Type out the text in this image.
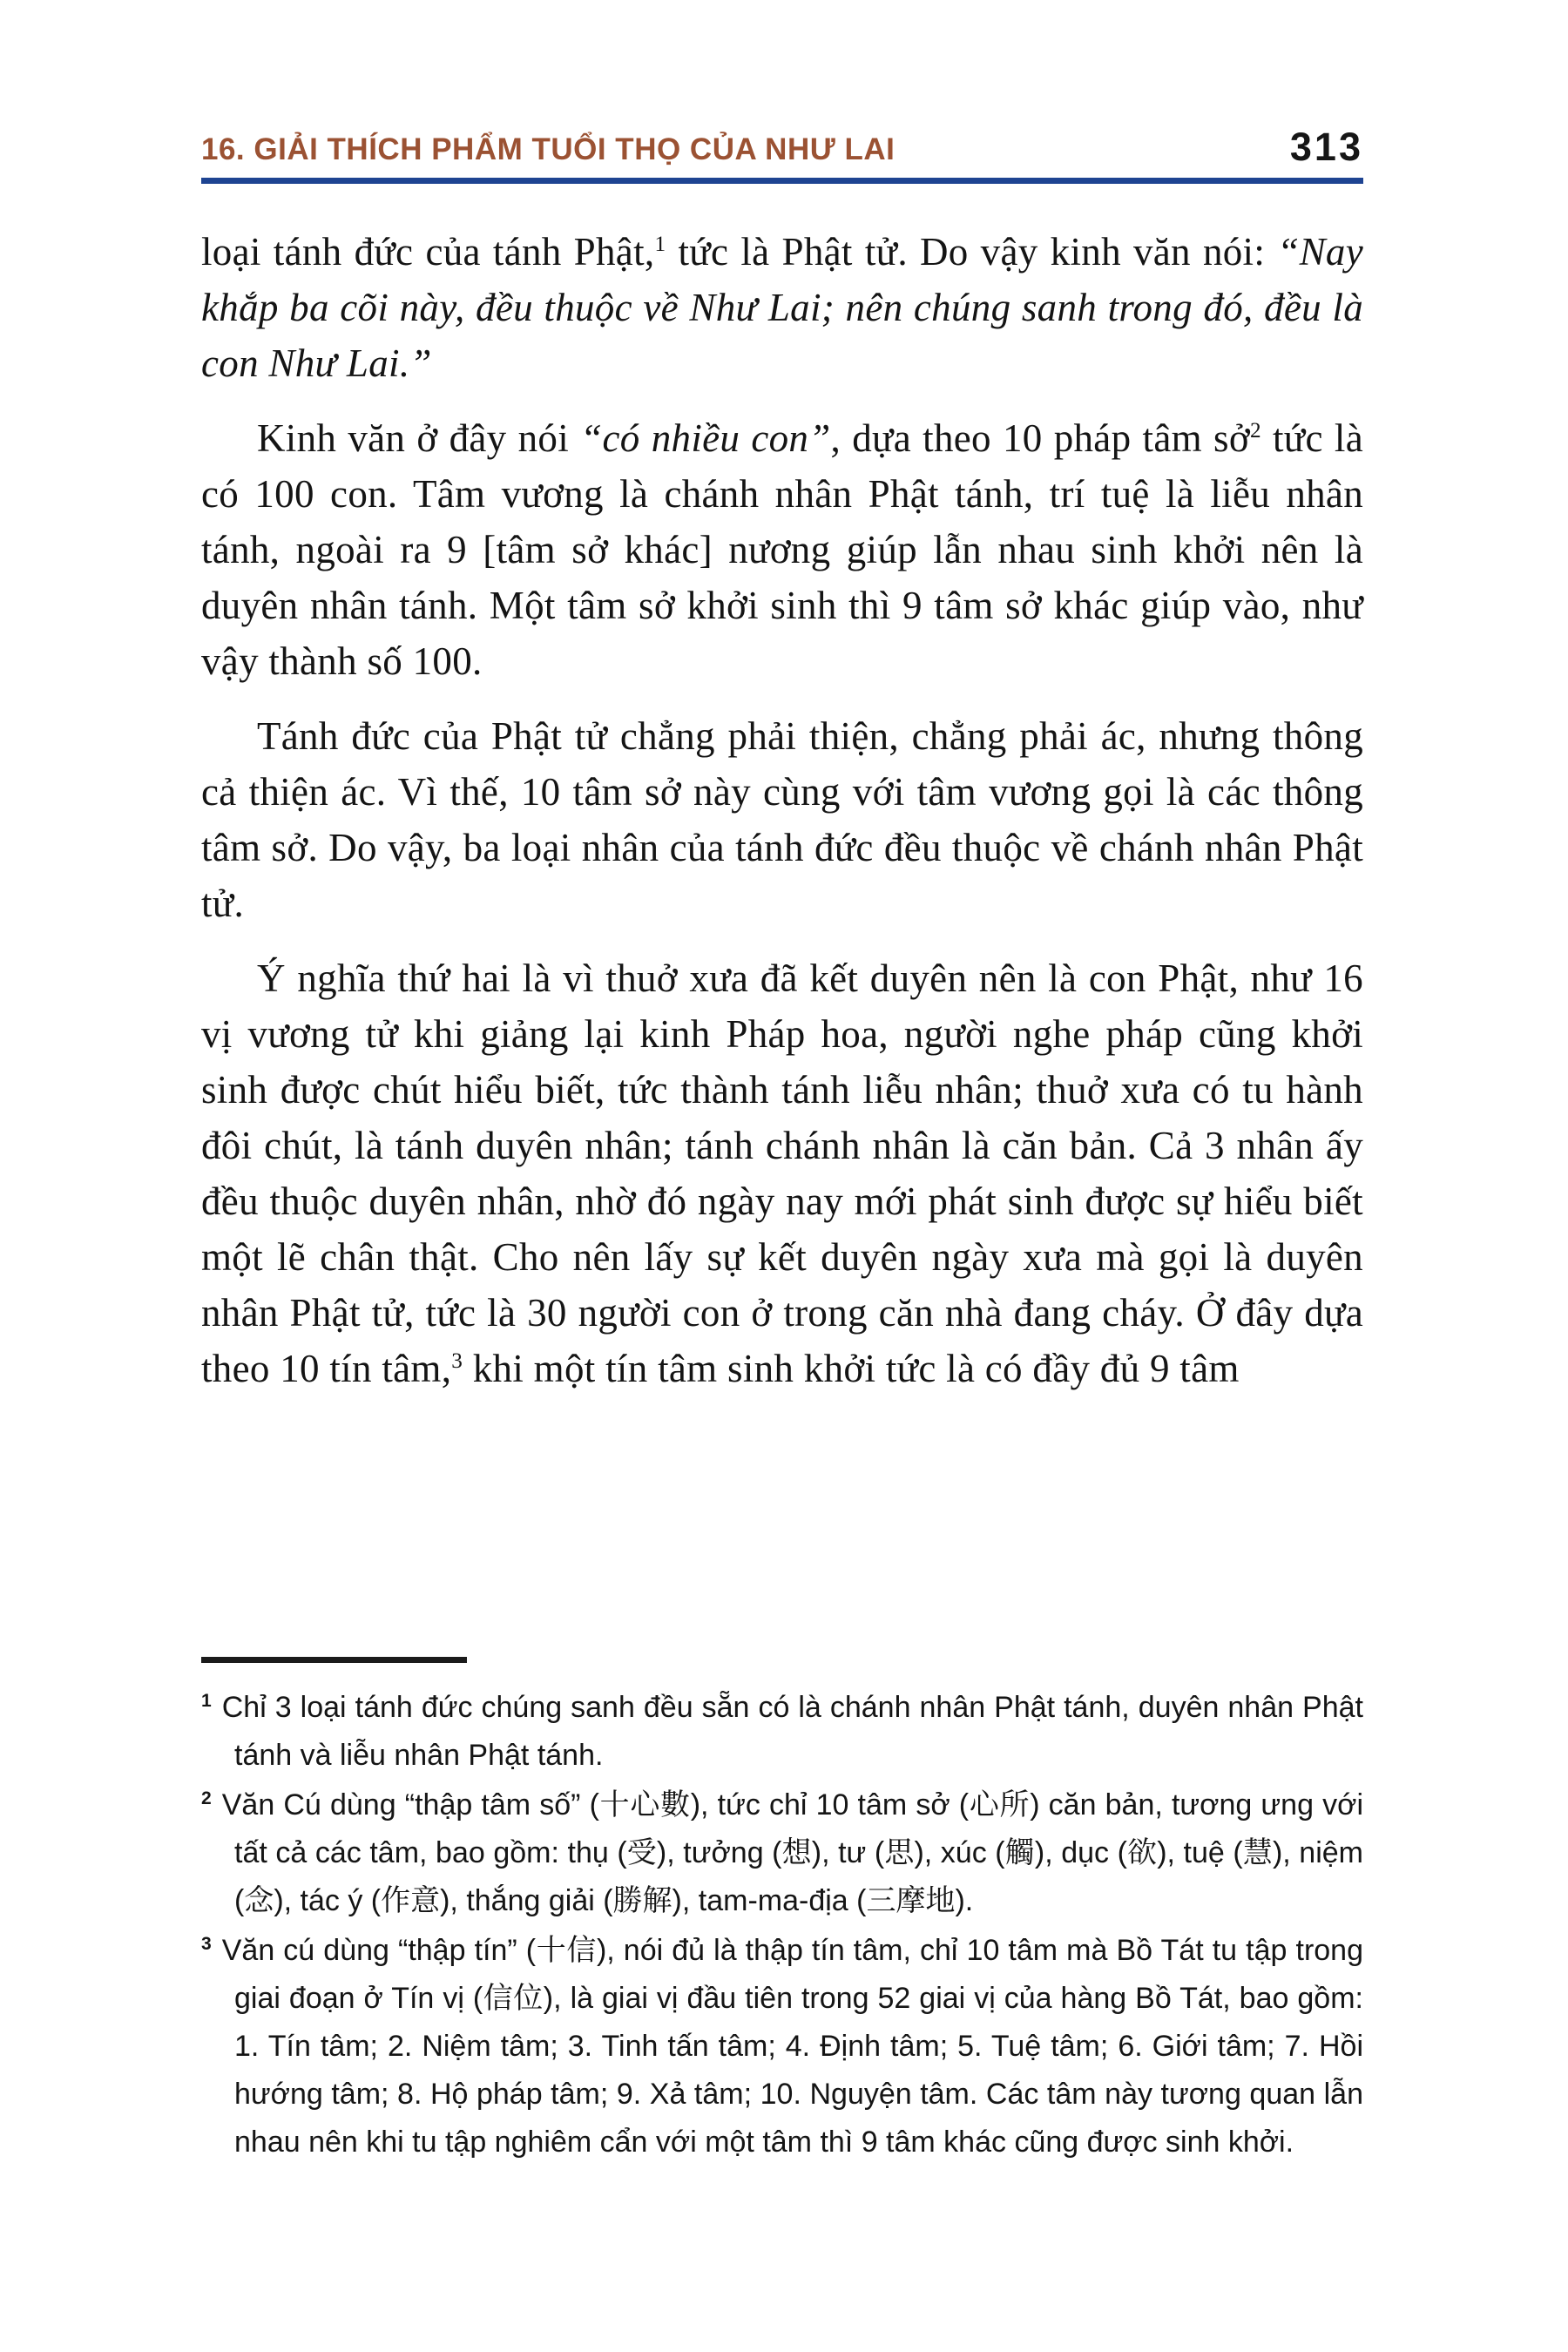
16. GIẢI THÍCH PHẨM TUỔI THỌ CỦA NHƯ LAI	313

loại tánh đức của tánh Phật,$^1$ tức là Phật tử. Do vậy kinh văn nói: “Nay khắp ba cõi này, đều thuộc về Như Lai; nên chúng sanh trong đó, đều là con Như Lai.”

Kinh văn ở đây nói “có nhiều con”, dựa theo 10 pháp tâm sở$^2$ tức là có 100 con. Tâm vương là chánh nhân Phật tánh, trí tuệ là liễu nhân tánh, ngoài ra 9 [tâm sở khác] nương giúp lẫn nhau sinh khởi nên là duyên nhân tánh. Một tâm sở khởi sinh thì 9 tâm sở khác giúp vào, như vậy thành số 100.

Tánh đức của Phật tử chẳng phải thiện, chẳng phải ác, nhưng thông cả thiện ác. Vì thế, 10 tâm sở này cùng với tâm vương gọi là các thông tâm sở. Do vậy, ba loại nhân của tánh đức đều thuộc về chánh nhân Phật tử.

Ý nghĩa thứ hai là vì thuở xưa đã kết duyên nên là con Phật, như 16 vị vương tử khi giảng lại kinh Pháp hoa, người nghe pháp cũng khởi sinh được chút hiểu biết, tức thành tánh liễu nhân; thuở xưa có tu hành đôi chút, là tánh duyên nhân; tánh chánh nhân là căn bản. Cả 3 nhân ấy đều thuộc duyên nhân, nhờ đó ngày nay mới phát sinh được sự hiểu biết một lẽ chân thật. Cho nên lấy sự kết duyên ngày xưa mà gọi là duyên nhân Phật tử, tức là 30 người con ở trong căn nhà đang cháy. Ở đây dựa theo 10 tín tâm,$^3$ khi một tín tâm sinh khởi tức là có đầy đủ 9 tâm

$^1$ Chỉ 3 loại tánh đức chúng sanh đều sẵn có là chánh nhân Phật tánh, duyên nhân Phật tánh và liễu nhân Phật tánh.
$^2$ Văn Cú dùng “thập tâm số” (十心數), tức chỉ 10 tâm sở (心所) căn bản, tương ưng với tất cả các tâm, bao gồm: thụ (受), tưởng (想), tư (思), xúc (觸), dục (欲), tuệ (慧), niệm (念), tác ý (作意), thắng giải (勝解), tam-ma-địa (三摩地).
$^3$ Văn cú dùng “thập tín” (十信), nói đủ là thập tín tâm, chỉ 10 tâm mà Bồ Tát tu tập trong giai đoạn ở Tín vị (信位), là giai vị đầu tiên trong 52 giai vị của hàng Bồ Tát, bao gồm: 1. Tín tâm; 2. Niệm tâm; 3. Tinh tấn tâm; 4. Định tâm; 5. Tuệ tâm; 6. Giới tâm; 7. Hồi hướng tâm; 8. Hộ pháp tâm; 9. Xả tâm; 10. Nguyện tâm. Các tâm này tương quan lẫn nhau nên khi tu tập nghiêm cẩn với một tâm thì 9 tâm khác cũng được sinh khởi.
